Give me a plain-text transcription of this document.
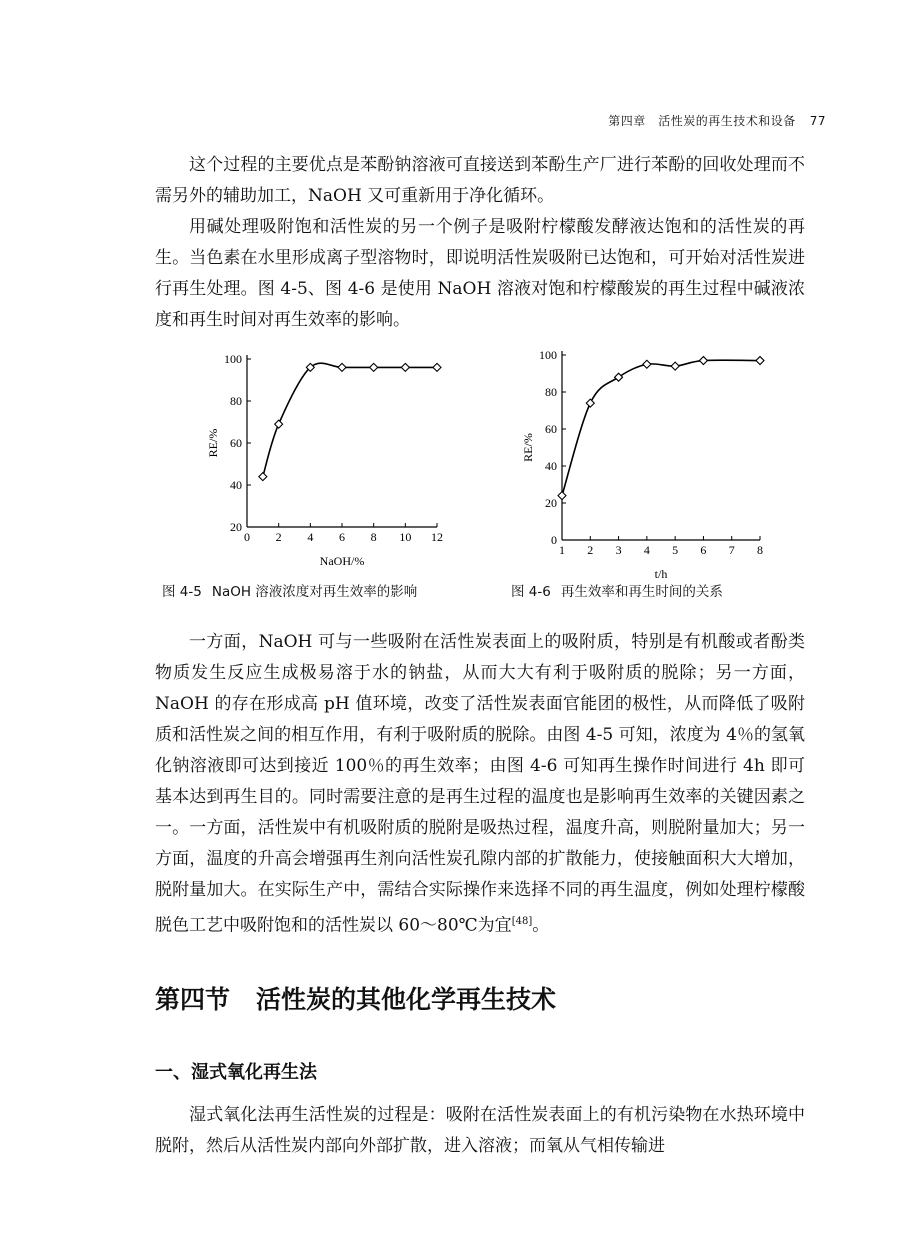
第四章　活性炭的再生技术和设备 77

这个过程的主要优点是苯酚钠溶液可直接送到苯酚生产厂进行苯酚的回收处理而不需另外的辅助加工，NaOH 又可重新用于净化循环。

用碱处理吸附饱和活性炭的另一个例子是吸附柠檬酸发酵液达饱和的活性炭的再生。当色素在水里形成离子型溶物时，即说明活性炭吸附已达饱和，可开始对活性炭进行再生处理。图 4-5、图 4-6 是使用 NaOH 溶液对饱和柠檬酸炭的再生过程中碱液浓度和再生时间对再生效率的影响。

0 2 4 6 8 10 12
20
40
60
80
100
NaOH/%
RE/%
1 2 3 4 5 6 7 8
0
20
40
60
80
100
t/h
RE/%
图 4-5 NaOH 溶液浓度对再生效率的影响	图 4-6 再生效率和再生时间的关系

一方面，NaOH 可与一些吸附在活性炭表面上的吸附质，特别是有机酸或者酚类物质发生反应生成极易溶于水的钠盐，从而大大有利于吸附质的脱除；另一方面，NaOH 的存在形成高 pH 值环境，改变了活性炭表面官能团的极性，从而降低了吸附质和活性炭之间的相互作用，有利于吸附质的脱除。由图 4-5 可知，浓度为 4％的氢氧化钠溶液即可达到接近 100％的再生效率；由图 4-6 可知再生操作时间进行 4h 即可基本达到再生目的。同时需要注意的是再生过程的温度也是影响再生效率的关键因素之一。一方面，活性炭中有机吸附质的脱附是吸热过程，温度升高，则脱附量加大；另一方面，温度的升高会增强再生剂向活性炭孔隙内部的扩散能力，使接触面积大大增加，脱附量加大。在实际生产中，需结合实际操作来选择不同的再生温度，例如处理柠檬酸脱色工艺中吸附饱和的活性炭以 60～80℃为宜[48]。

第四节 活性炭的其他化学再生技术
一、湿式氧化再生法

湿式氧化法再生活性炭的过程是：吸附在活性炭表面上的有机污染物在水热环境中脱附，然后从活性炭内部向外部扩散，进入溶液；而氧从气相传输进
